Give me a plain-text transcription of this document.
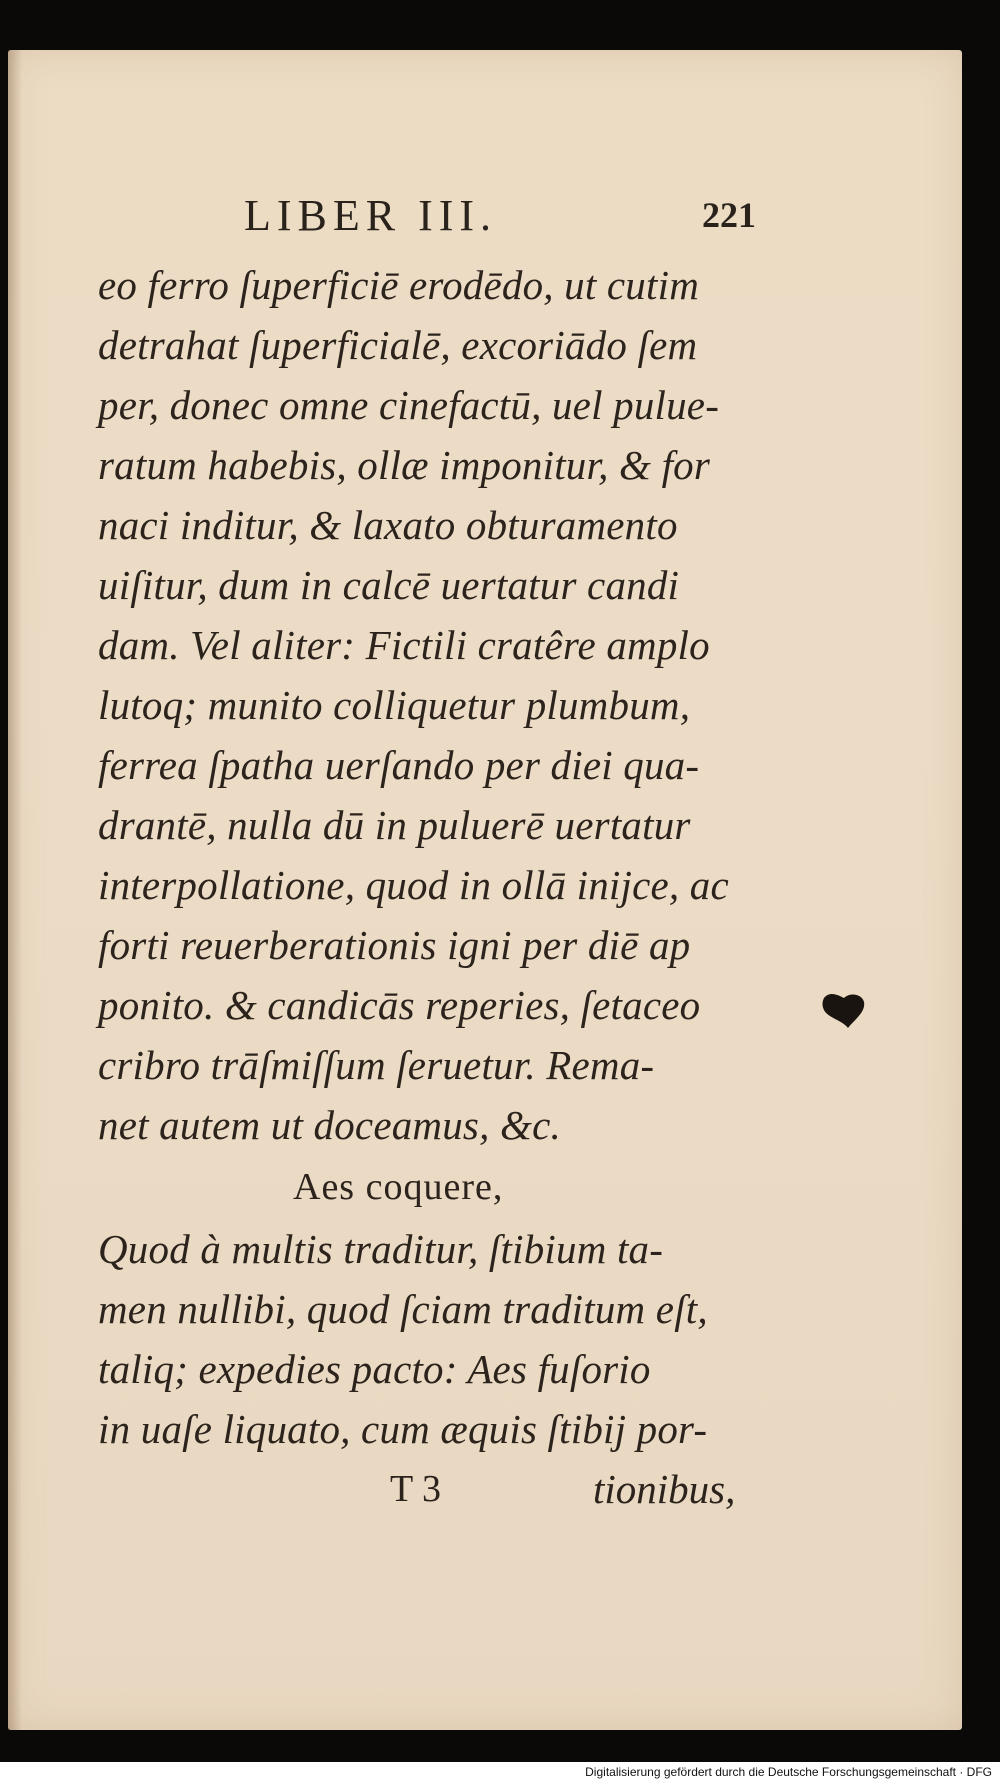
LIBER III.	221
eo ferro ſuperficiē erodēdo, ut cutim
detrahat ſuperficialē, excoriādo ſem
per, donec omne cinefactū, uel pulue-
ratum habebis, ollæ imponitur, & for
naci inditur, & laxato obturamento
uiſitur, dum in calcē uertatur candi
dam. Vel aliter: Fictili cratêre amplo
lutoq; munito colliquetur plumbum,
ferrea ſpatha uerſando per diei qua-
drantē, nulla dū in puluerē uertatur
interpollatione, quod in ollā inijce, ac
forti reuerberationis igni per diē ap
ponito. & candicās reperies, ſetaceo
cribro trāſmiſſum ſeruetur. Rema-
net autem ut doceamus, &c.
Aes coquere,
Quod à multis traditur, ſtibium ta-
men nullibi, quod ſciam traditum eſt,
taliq; expedies pacto: Aes fuſorio
in uaſe liquato, cum æquis ſtibij por-
T 3	tionibus,
Digitalisierung gefördert durch die Deutsche Forschungsgemeinschaft · DFG
